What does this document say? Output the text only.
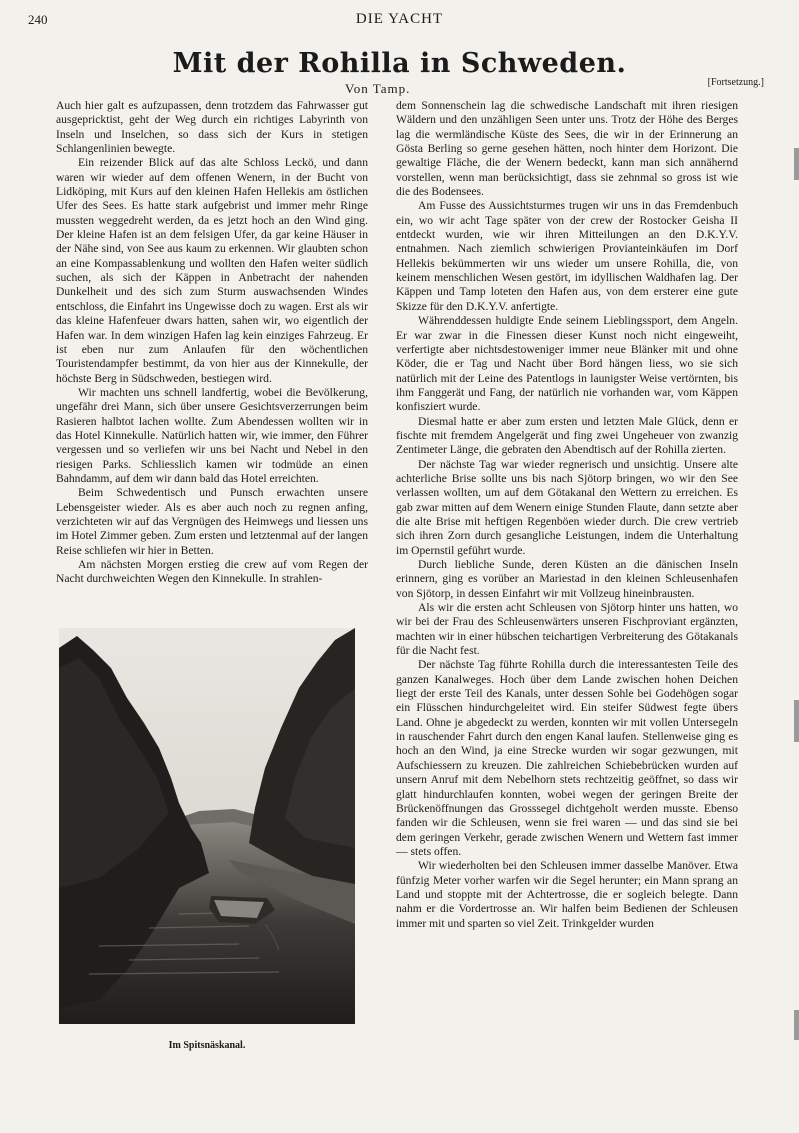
240	DIE YACHT
Mit der Rohilla in Schweden.
Von Tamp.	[Fortsetzung.]

Auch hier galt es aufzupassen, denn trotzdem das Fahrwasser gut ausgepricktist, geht der Weg durch ein richtiges Labyrinth von Inseln und Inselchen, so dass sich der Kurs in stetigen Schlangenlinien bewegte.

Ein reizender Blick auf das alte Schloss Leckö, und dann waren wir wieder auf dem offenen Wenern, in der Bucht von Lidköping, mit Kurs auf den kleinen Hafen Hellekis am östlichen Ufer des Sees. Es hatte stark aufgebrist und immer mehr Ringe mussten weggedreht werden, da es jetzt hoch an den Wind ging. Der kleine Hafen ist an dem felsigen Ufer, da gar keine Häuser in der Nähe sind, von See aus kaum zu erkennen. Wir glaubten schon an eine Kompassablenkung und wollten den Hafen weiter südlich suchen, als sich der Käppen in Anbetracht der nahenden Dunkelheit und des sich zum Sturm auswachsenden Windes entschloss, die Einfahrt ins Ungewisse doch zu wagen. Erst als wir das kleine Hafenfeuer dwars hatten, sahen wir, wo eigentlich der Hafen war. In dem winzigen Hafen lag kein einziges Fahrzeug. Er ist eben nur zum Anlaufen für den wöchentlichen Touristendampfer bestimmt, da von hier aus der Kinnekulle, der höchste Berg in Südschweden, bestiegen wird.

Wir machten uns schnell landfertig, wobei die Bevölkerung, ungefähr drei Mann, sich über unsere Gesichtsverzerrungen beim Rasieren halbtot lachen wollte. Zum Abendessen wollten wir in das Hotel Kinnekulle. Natürlich hatten wir, wie immer, den Führer vergessen und so verliefen wir uns bei Nacht und Nebel in den riesigen Parks. Schliesslich kamen wir todmüde an einen Bahndamm, auf dem wir dann bald das Hotel erreichten.

Beim Schwedentisch und Punsch erwachten unsere Lebensgeister wieder. Als es aber auch noch zu regnen anfing, verzichteten wir auf das Vergnügen des Heimwegs und liessen uns im Hotel Zimmer geben. Zum ersten und letztenmal auf der langen Reise schliefen wir hier in Betten.

Am nächsten Morgen erstieg die crew auf vom Regen der Nacht durchweichten Wegen den Kinnekulle. In strahlen-

dem Sonnenschein lag die schwedische Landschaft mit ihren riesigen Wäldern und den unzähligen Seen unter uns. Trotz der Höhe des Berges lag die wermländische Küste des Sees, die wir in der Erinnerung an Gösta Berling so gerne gesehen hätten, noch hinter dem Horizont. Die gewaltige Fläche, die der Wenern bedeckt, kann man sich annähernd vorstellen, wenn man berücksichtigt, dass sie zehnmal so gross ist wie die des Bodensees.

Am Fusse des Aussichtsturmes trugen wir uns in das Fremdenbuch ein, wo wir acht Tage später von der crew der Rostocker Geisha II entdeckt wurden, wie wir ihren Mitteilungen an den D.K.Y.V. entnahmen. Nach ziemlich schwierigen Provianteinkäufen im Dorf Hellekis bekümmerten wir uns wieder um unsere Rohilla, die, von keinem menschlichen Wesen gestört, im idyllischen Waldhafen lag. Der Käppen und Tamp loteten den Hafen aus, von dem ersterer eine gute Skizze für den D.K.Y.V. anfertigte.

Währenddessen huldigte Ende seinem Lieblingssport, dem Angeln. Er war zwar in die Finessen dieser Kunst noch nicht eingeweiht, verfertigte aber nichtsdestoweniger immer neue Blänker mit und ohne Köder, die er Tag und Nacht über Bord hängen liess, wo sie sich natürlich mit der Leine des Patentlogs in launigster Weise vertörnten, bis ihm Fanggerät und Fang, der natürlich nie vorhanden war, vom Käppen konfisziert wurde.

Diesmal hatte er aber zum ersten und letzten Male Glück, denn er fischte mit fremdem Angelgerät und fing zwei Ungeheuer von zwanzig Zentimeter Länge, die gebraten den Abendtisch auf der Rohilla zierten.

Der nächste Tag war wieder regnerisch und unsichtig. Unsere alte achterliche Brise sollte uns bis nach Sjötorp bringen, wo wir den See verlassen wollten, um auf dem Götakanal den Wettern zu erreichen. Es gab zwar mitten auf dem Wenern einige Stunden Flaute, dann setzte aber die alte Brise mit heftigen Regenböen wieder durch. Die crew vertrieb sich ihren Zorn durch gesangliche Leistungen, indem die Unterhaltung im Opernstil geführt wurde.

Durch liebliche Sunde, deren Küsten an die dänischen Inseln erinnern, ging es vorüber an Mariestad in den kleinen Schleusenhafen von Sjötorp, in dessen Einfahrt wir mit Vollzeug hineinbrausten.

Als wir die ersten acht Schleusen von Sjötorp hinter uns hatten, wo wir bei der Frau des Schleusenwärters unseren Fischproviant ergänzten, machten wir in einer hübschen teichartigen Verbreiterung des Götakanals für die Nacht fest.

Der nächste Tag führte Rohilla durch die interessantesten Teile des ganzen Kanalweges. Hoch über dem Lande zwischen hohen Deichen liegt der erste Teil des Kanals, unter dessen Sohle bei Godehögen sogar ein Flüsschen hindurchgeleitet wird. Ein steifer Südwest fegte übers Land. Ohne je abgedeckt zu werden, konnten wir mit vollen Untersegeln in rauschender Fahrt durch den engen Kanal laufen. Stellenweise ging es hoch an den Wind, ja eine Strecke wurden wir sogar gezwungen, mit Aufschiessern zu kreuzen. Die zahlreichen Schiebebrücken wurden auf unsern Anruf mit dem Nebelhorn stets rechtzeitig geöffnet, so dass wir glatt hindurchlaufen konnten, wobei wegen der geringen Breite der Brückenöffnungen das Grosssegel dichtgeholt werden musste. Ebenso fanden wir die Schleusen, wenn sie frei waren — und das sind sie bei dem geringen Verkehr, gerade zwischen Wenern und Wettern fast immer — stets offen.

Wir wiederholten bei den Schleusen immer dasselbe Manöver. Etwa fünfzig Meter vorher warfen wir die Segel herunter; ein Mann sprang an Land und stoppte mit der Achtertrosse, die er sogleich belegte. Dann nahm er die Vordertrosse an. Wir halfen beim Bedienen der Schleusen immer mit und sparten so viel Zeit. Trinkgelder wurden

Im Spitsnäskanal.
